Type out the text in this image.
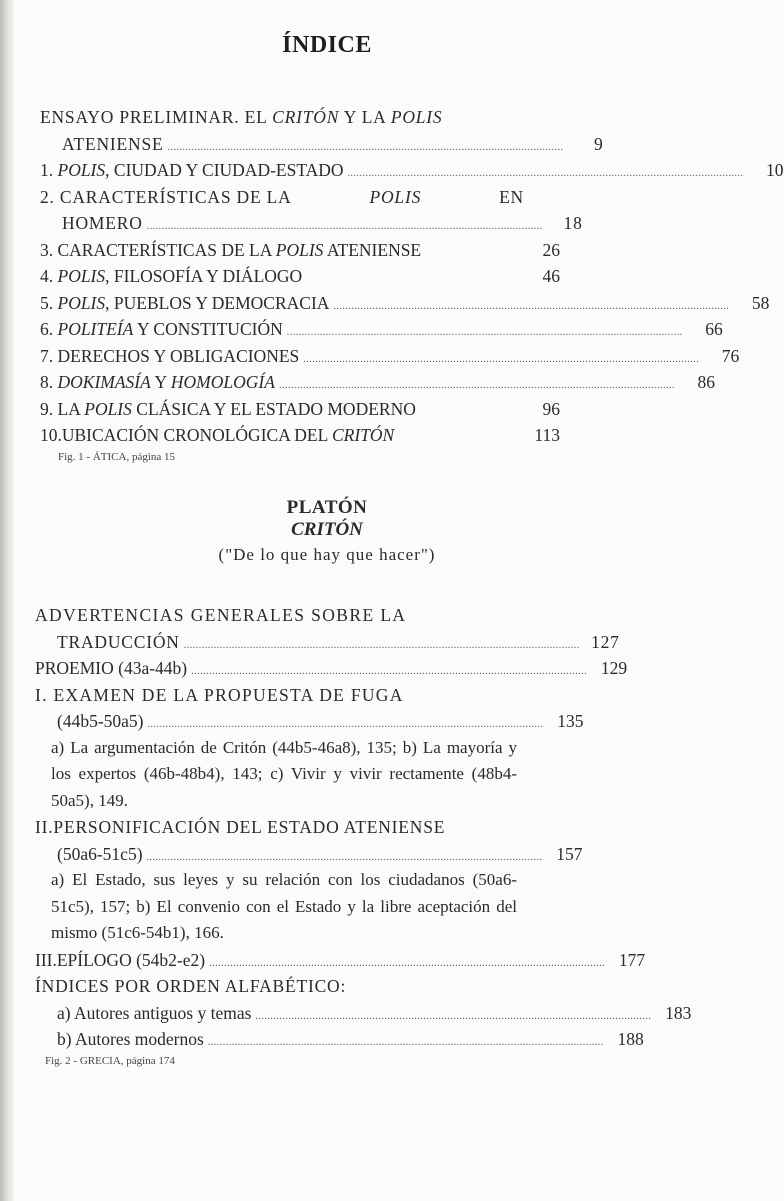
ÍNDICE
ENSAYO PRELIMINAR. EL CRITÓN Y LA POLIS
ATENIENSE ....................................................................................................................................	9
1. POLIS, CIUDAD Y CIUDAD-ESTADO ....................................................................................................................................	10
2. CARACTERÍSTICAS DE LA	POLIS	EN
HOMERO ....................................................................................................................................	18
3. CARACTERÍSTICAS DE LA POLIS ATENIENSE	26
4. POLIS, FILOSOFÍA Y DIÁLOGO	46
5. POLIS, PUEBLOS Y DEMOCRACIA ....................................................................................................................................	58
6. POLITEÍA Y CONSTITUCIÓN ....................................................................................................................................	66
7. DERECHOS Y OBLIGACIONES ....................................................................................................................................	76
8. DOKIMASÍA Y HOMOLOGÍA ....................................................................................................................................	86
9. LA POLIS CLÁSICA Y EL ESTADO MODERNO	96
10.UBICACIÓN CRONOLÓGICA DEL CRITÓN	113
Fig. 1 - ÁTICA, página 15
PLATÓN
CRITÓN
("De lo que hay que hacer")
ADVERTENCIAS GENERALES SOBRE LA
TRADUCCIÓN .................................................................................................................................... 127
PROEMIO (43a-44b) .................................................................................................................................... 129
I. EXAMEN DE LA PROPUESTA DE FUGA
(44b5-50a5) .................................................................................................................................... 135
a) La argumentación de Critón (44b5-46a8), 135; b) La mayoría y los expertos (46b-48b4), 143; c) Vivir y vivir rectamente (48b4-50a5), 149.
II.PERSONIFICACIÓN DEL ESTADO ATENIENSE
(50a6-51c5) .................................................................................................................................... 157
a) El Estado, sus leyes y su relación con los ciudadanos (50a6-51c5), 157; b) El convenio con el Estado y la libre aceptación del mismo (51c6-54b1), 166.
III.EPÍLOGO (54b2-e2) .................................................................................................................................... 177
ÍNDICES POR ORDEN ALFABÉTICO:
a) Autores antiguos y temas .................................................................................................................................... 183
b) Autores modernos .................................................................................................................................... 188
Fig. 2 - GRECIA, página 174
